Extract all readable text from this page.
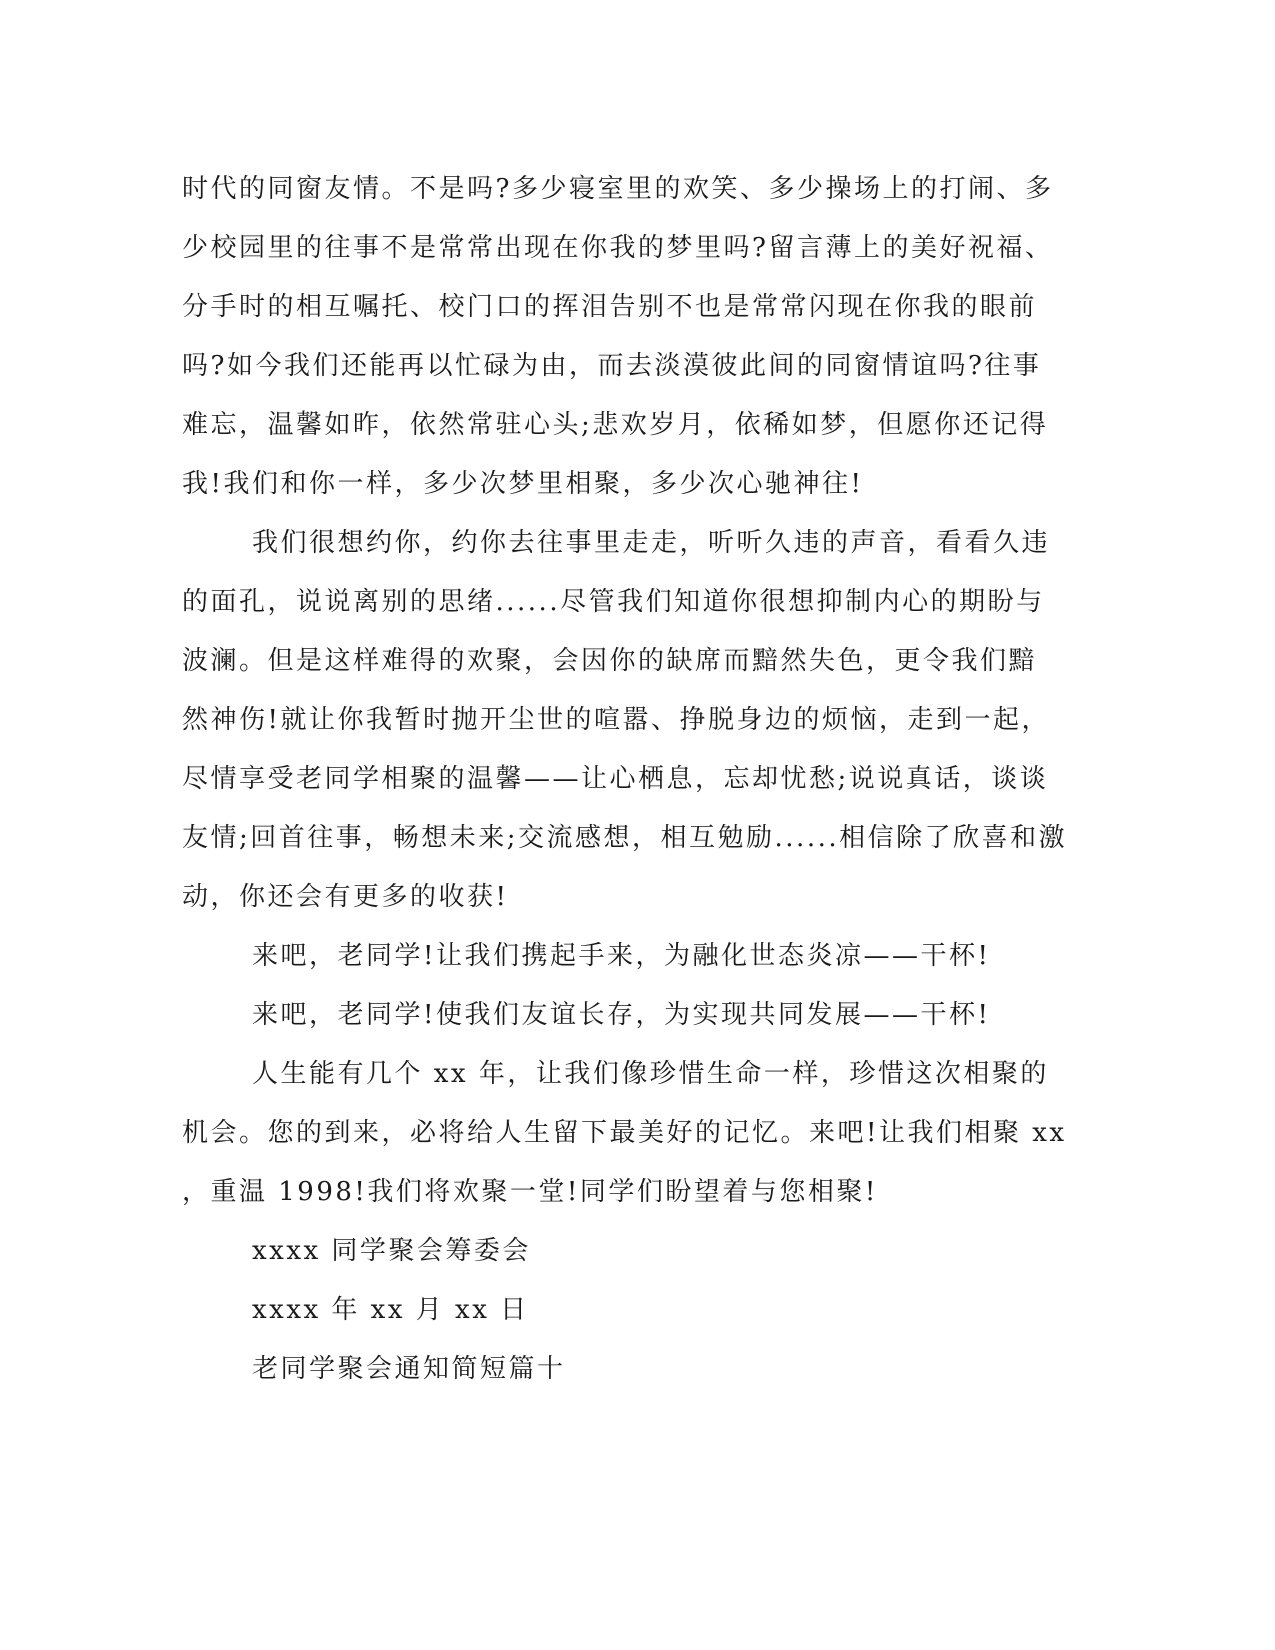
时代的同窗友情。不是吗?多少寝室里的欢笑、多少操场上的打闹、多
少校园里的往事不是常常出现在你我的梦里吗?留言薄上的美好祝福、
分手时的相互嘱托、校门口的挥泪告别不也是常常闪现在你我的眼前
吗?如今我们还能再以忙碌为由，而去淡漠彼此间的同窗情谊吗?往事
难忘，温馨如昨，依然常驻心头;悲欢岁月，依稀如梦，但愿你还记得
我!我们和你一样，多少次梦里相聚，多少次心驰神往!
我们很想约你，约你去往事里走走，听听久违的声音，看看久违
的面孔，说说离别的思绪......尽管我们知道你很想抑制内心的期盼与
波澜。但是这样难得的欢聚，会因你的缺席而黯然失色，更令我们黯
然神伤!就让你我暂时抛开尘世的喧嚣、挣脱身边的烦恼，走到一起，
尽情享受老同学相聚的温馨——让心栖息，忘却忧愁;说说真话，谈谈
友情;回首往事，畅想未来;交流感想，相互勉励......相信除了欣喜和激
动，你还会有更多的收获!
来吧，老同学!让我们携起手来，为融化世态炎凉——干杯!
来吧，老同学!使我们友谊长存，为实现共同发展——干杯!
人生能有几个 xx 年，让我们像珍惜生命一样，珍惜这次相聚的
机会。您的到来，必将给人生留下最美好的记忆。来吧!让我们相聚 xx
，重温 1998!我们将欢聚一堂!同学们盼望着与您相聚!
xxxx 同学聚会筹委会
xxxx 年 xx 月 xx 日
老同学聚会通知简短篇十
